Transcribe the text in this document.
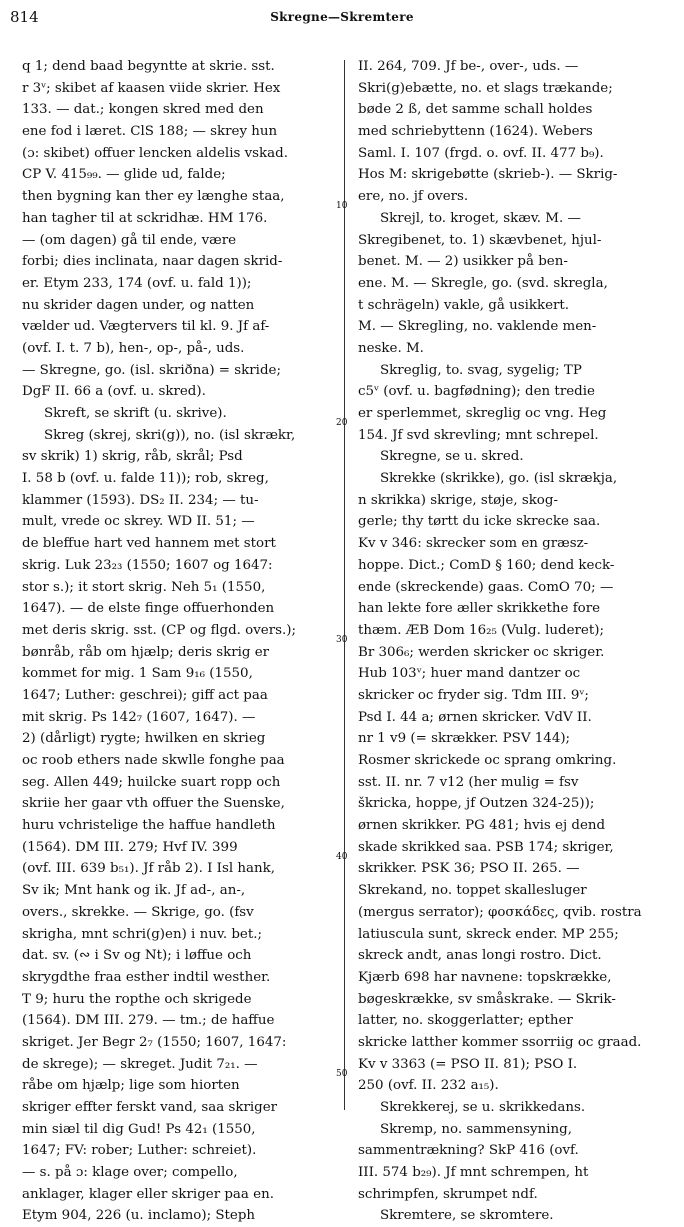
814	Skregne—Skremtere
q 1; dend baad begyntte at skrie. sst.
r 3ᵛ; skibet af kaasen viide skrier. Hex
133. — dat.; kongen skred med den
ene fod i læret. ClS 188; — skrey hun
(ɔ: skibet) offuer lencken aldelis vskad.
CP V. 415₉₉. — glide ud, falde;
then bygning kan ther ey længhe staa,
han tagher til at sckridhæ. HM 176.
— (om dagen) gå til ende, være
forbi; dies inclinata, naar dagen skrid-
er. Etym 233, 174 (ovf. u. fald 1));
nu skrider dagen under, og natten
vælder ud. Vægtervers til kl. 9. Jf af-
(ovf. I. t. 7 b), hen-, op-, på-, uds.
— Skregne, go. (isl. skriðna) = skride;
DgF II. 66 a (ovf. u. skred).
Skreft, se skrift (u. skrive).
Skreg (skrej, skri(g)), no. (isl skrækr,
sv skrik) 1) skrig, råb, skrål; Psd
I. 58 b (ovf. u. falde 11)); rob, skreg,
klammer (1593). DS₂ II. 234; — tu-
mult, vrede oc skrey. WD II. 51; —
de bleffue hart ved hannem met stort
skrig. Luk 23₂₃ (1550; 1607 og 1647:
stor s.); it stort skrig. Neh 5₁ (1550,
1647). — de elste finge offuerhonden
met deris skrig. sst. (CP og flgd. overs.);
bønråb, råb om hjælp; deris skrig er
kommet for mig. 1 Sam 9₁₆ (1550,
1647; Luther: geschrei); giff act paa
mit skrig. Ps 142₇ (1607, 1647). —
2) (dårligt) rygte; hwilken en skrieg
oc roob ethers nade skwlle fonghe paa
seg. Allen 449; huilcke suart ropp och
skriie her gaar vth offuer the Suenske,
huru vchristelige the haffue handleth
(1564). DM III. 279; Hvf IV. 399
(ovf. III. 639 b₅₁). Jf råb 2). I Isl hank,
Sv ik; Mnt hank og ik. Jf ad-, an-,
overs., skrekke. — Skrige, go. (fsv
skrigha, mnt schri(g)en) i nuv. bet.;
dat. sv. (∾ i Sv og Nt); i løffue och
skrygdthe fraa esther indtil westher.
T 9; huru the ropthe och skrigede
(1564). DM III. 279. — tm.; de haffue
skriget. Jer Begr 2₇ (1550; 1607, 1647:
de skrege); — skreget. Judit 7₂₁. —
råbe om hjælp; lige som hiorten
skriger effter ferskt vand, saa skriger
min siæl til dig Gud! Ps 42₁ (1550,
1647; FV: rober; Luther: schreiet).
— s. på ɔ: klage over; compello,
anklager, klager eller skriger paa en.
Etym 904, 226 (u. inclamo); Steph
II. 264, 709. Jf be-, over-, uds. —
Skri(g)ebætte, no. et slags trækande;
bøde 2 ß, det samme schall holdes
med schriebyttenn (1624). Webers
Saml. I. 107 (frgd. o. ovf. II. 477 b₉).
Hos M: skrigebøtte (skrieb-). — Skrig-
ere, no. jf overs.
Skrejl, to. kroget, skæv. M. —
Skregibenet, to. 1) skævbenet, hjul-
benet. M. — 2) usikker på ben-
ene. M. — Skregle, go. (svd. skregla,
t schrägeln) vakle, gå usikkert.
M. — Skregling, no. vaklende men-
neske. M.
Skreglig, to. svag, sygelig; TP
c5ᵛ (ovf. u. bagfødning); den tredie
er sperlemmet, skreglig oc vng. Heg
154. Jf svd skrevling; mnt schrepel.
Skregne, se u. skred.
Skrekke (skrikke), go. (isl skrækja,
n skrikka) skrige, støje, skog-
gerle; thy tørtt du icke skrecke saa.
Kv v 346: skrecker som en græsz-
hoppe. Dict.; ComD § 160; dend keck-
ende (skreckende) gaas. ComO 70; —
han lekte fore æller skrikkethe fore
thæm. ÆB Dom 16₂₅ (Vulg. luderet);
Br 306₆; werden skricker oc skriger.
Hub 103ᵛ; huer mand dantzer oc
skricker oc fryder sig. Tdm III. 9ᵛ;
Psd I. 44 a; ørnen skricker. VdV II.
nr 1 v9 (= skrækker. PSV 144);
Rosmer skrickede oc sprang omkring.
sst. II. nr. 7 v12 (her mulig = fsv
škricka, hoppe, jf Outzen 324-25));
ørnen skrikker. PG 481; hvis ej dend
skade skrikked saa. PSB 174; skriger,
skrikker. PSK 36; PSO II. 265. —
Skrekand, no. toppet skallesluger
(mergus serrator); φοσκάδες, qvib. rostra
latiuscula sunt, skreck ender. MP 255;
skreck andt, anas longi rostro. Dict.
Kjærb 698 har navnene: topskrække,
bøgeskrække, sv småskrake. — Skrik-
latter, no. skoggerlatter; epther
skricke latther kommer ssorriig oc graad.
Kv v 3363 (= PSO II. 81); PSO I.
250 (ovf. II. 232 a₁₅).
Skrekkerej, se u. skrikkedans.
Skremp, no. sammensyning,
sammentrækning? SkP 416 (ovf.
III. 574 b₂₉). Jf mnt schrempen, ht
schrimpfen, skrumpet ndf.
Skremtere, se skromtere.
10
20
30
40
50
